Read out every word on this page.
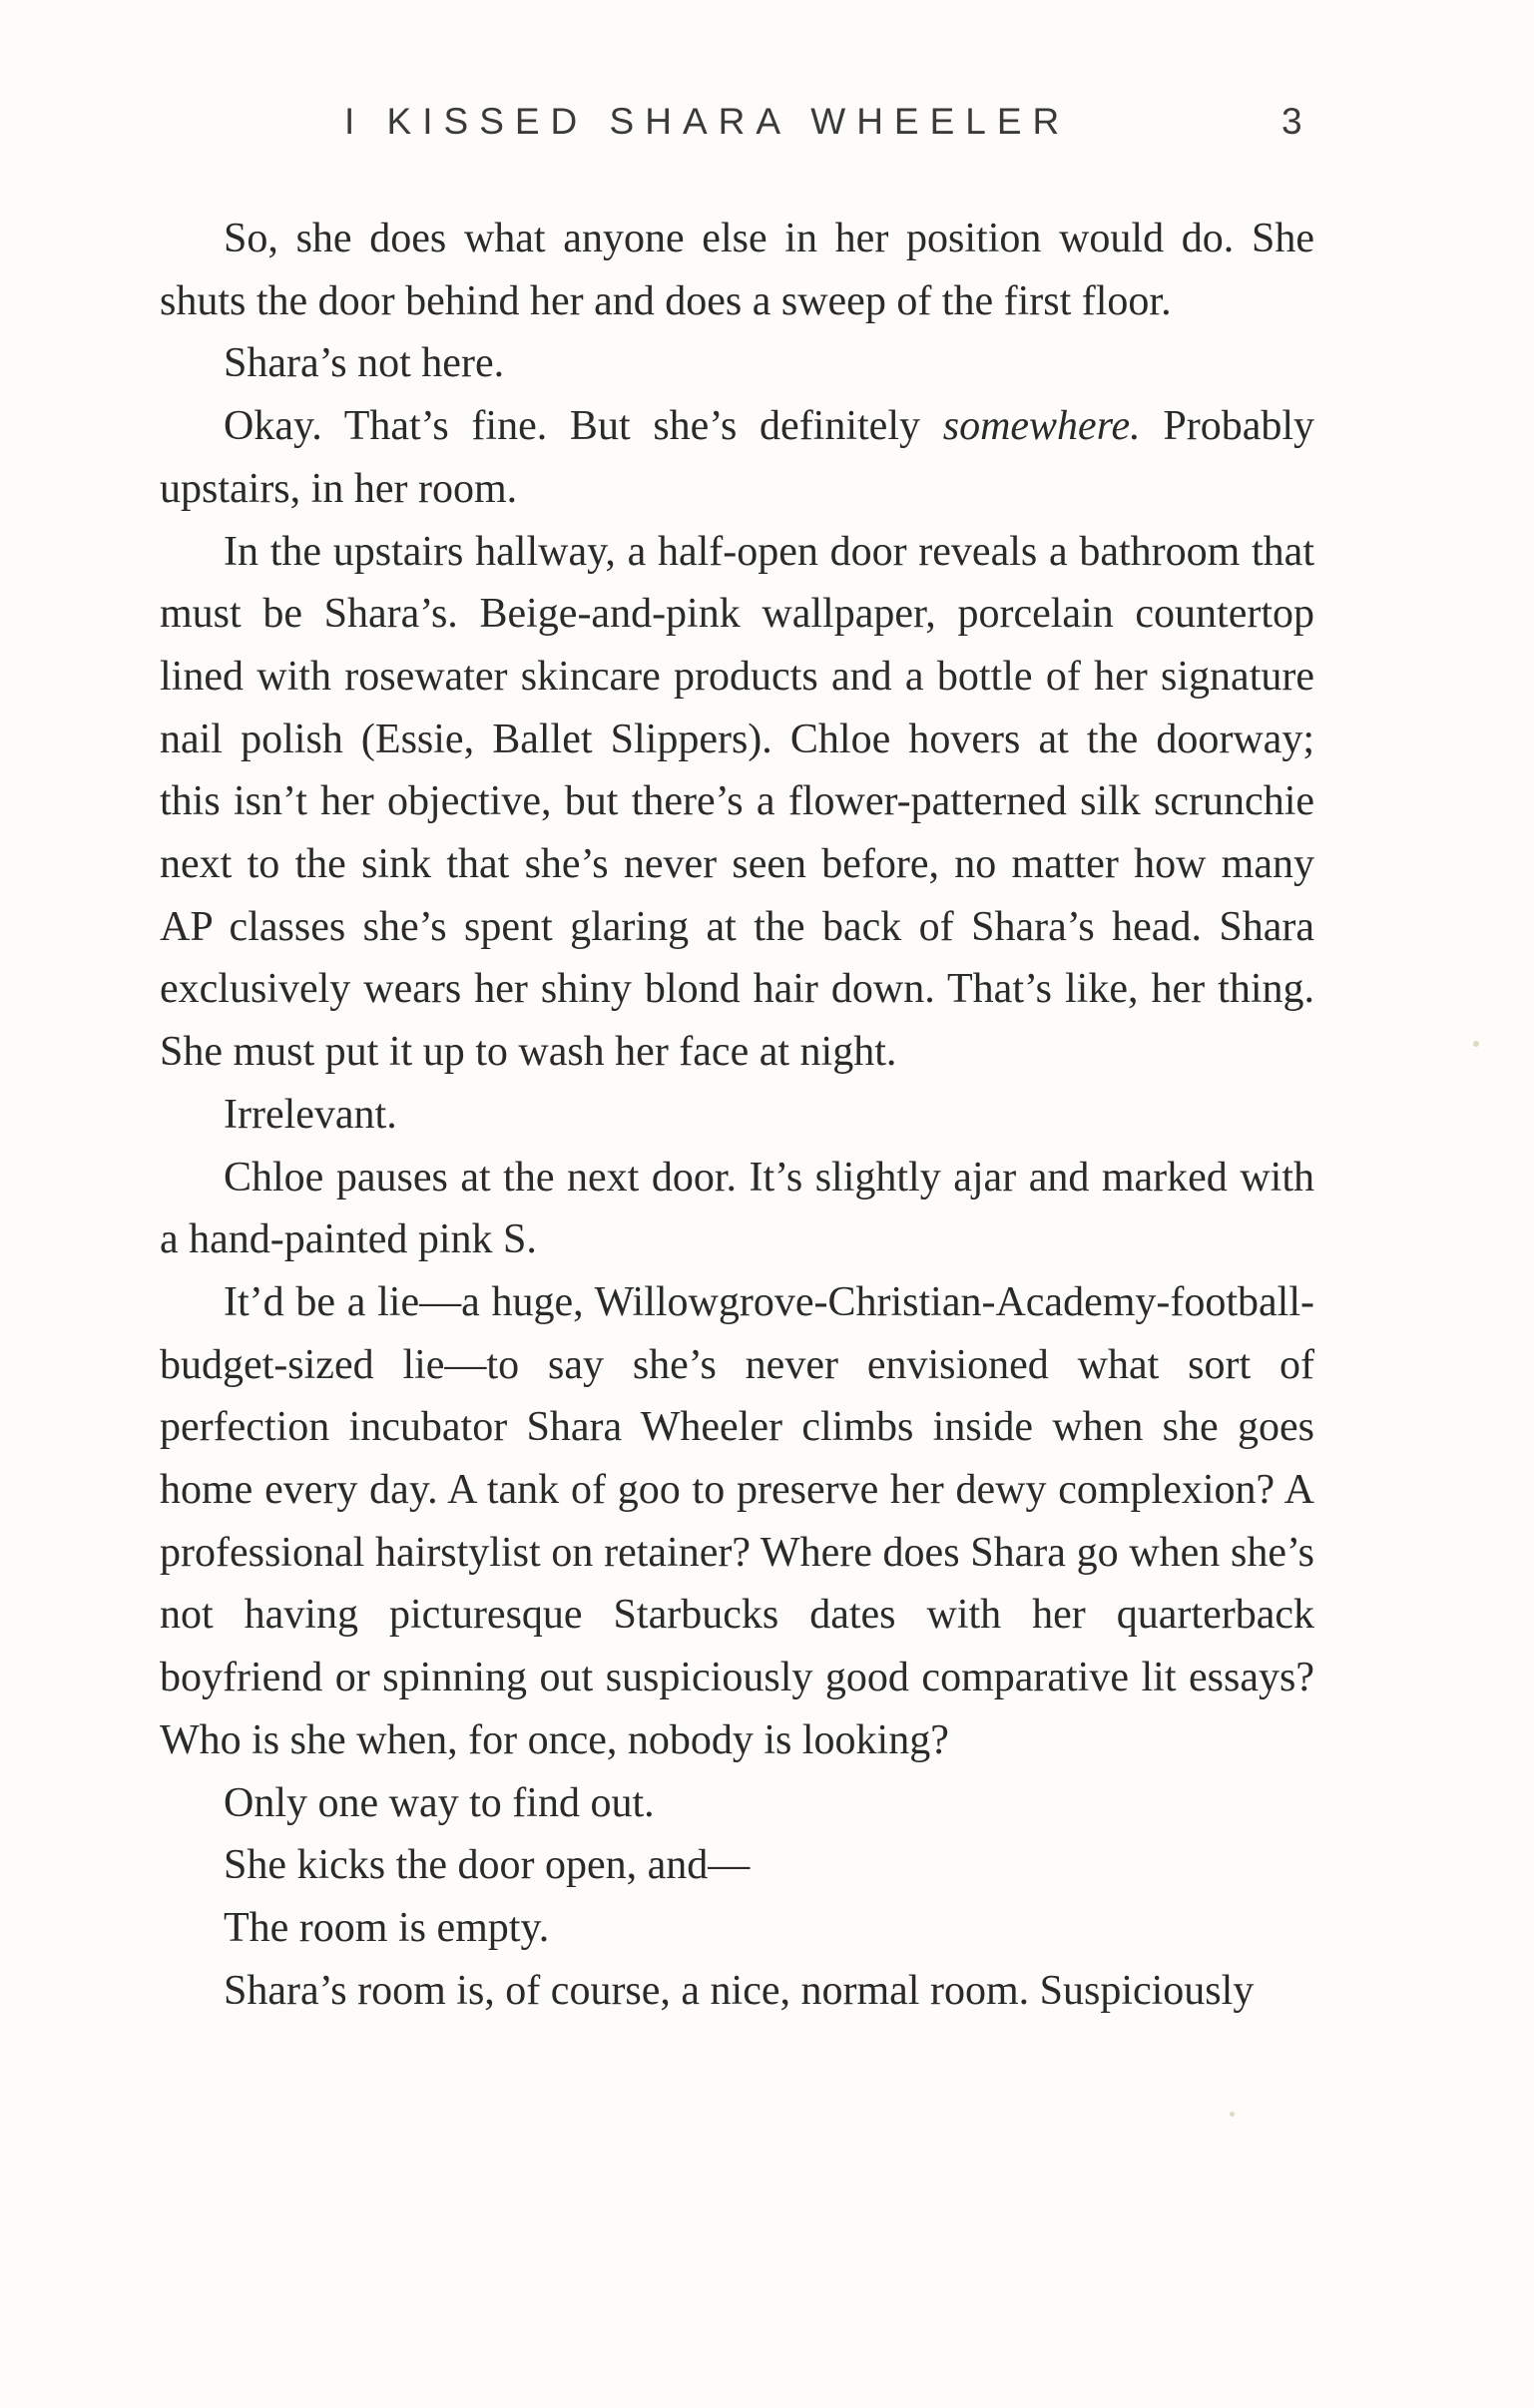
I KISSED SHARA WHEELER	3

So, she does what anyone else in her position would do. She shuts the door behind her and does a sweep of the first floor.

Shara’s not here.

Okay. That’s fine. But she’s definitely somewhere. Probably upstairs, in her room.

In the upstairs hallway, a half-open door reveals a bathroom that must be Shara’s. Beige-and-pink wallpaper, porcelain countertop lined with rosewater skincare products and a bottle of her signature nail polish (Essie, Ballet Slippers). Chloe hovers at the doorway; this isn’t her objective, but there’s a flower-patterned silk scrunchie next to the sink that she’s never seen before, no matter how many AP classes she’s spent glaring at the back of Shara’s head. Shara exclusively wears her shiny blond hair down. That’s like, her thing. She must put it up to wash her face at night.

Irrelevant.

Chloe pauses at the next door. It’s slightly ajar and marked with a hand-painted pink S.

It’d be a lie—a huge, Willowgrove-Christian-Academy-football-budget-sized lie—to say she’s never envisioned what sort of perfection incubator Shara Wheeler climbs inside when she goes home every day. A tank of goo to preserve her dewy complexion? A professional hairstylist on retainer? Where does Shara go when she’s not having picturesque Starbucks dates with her quarterback boyfriend or spinning out suspiciously good comparative lit essays? Who is she when, for once, nobody is looking?

Only one way to find out.

She kicks the door open, and—

The room is empty.

Shara’s room is, of course, a nice, normal room. Suspiciously
